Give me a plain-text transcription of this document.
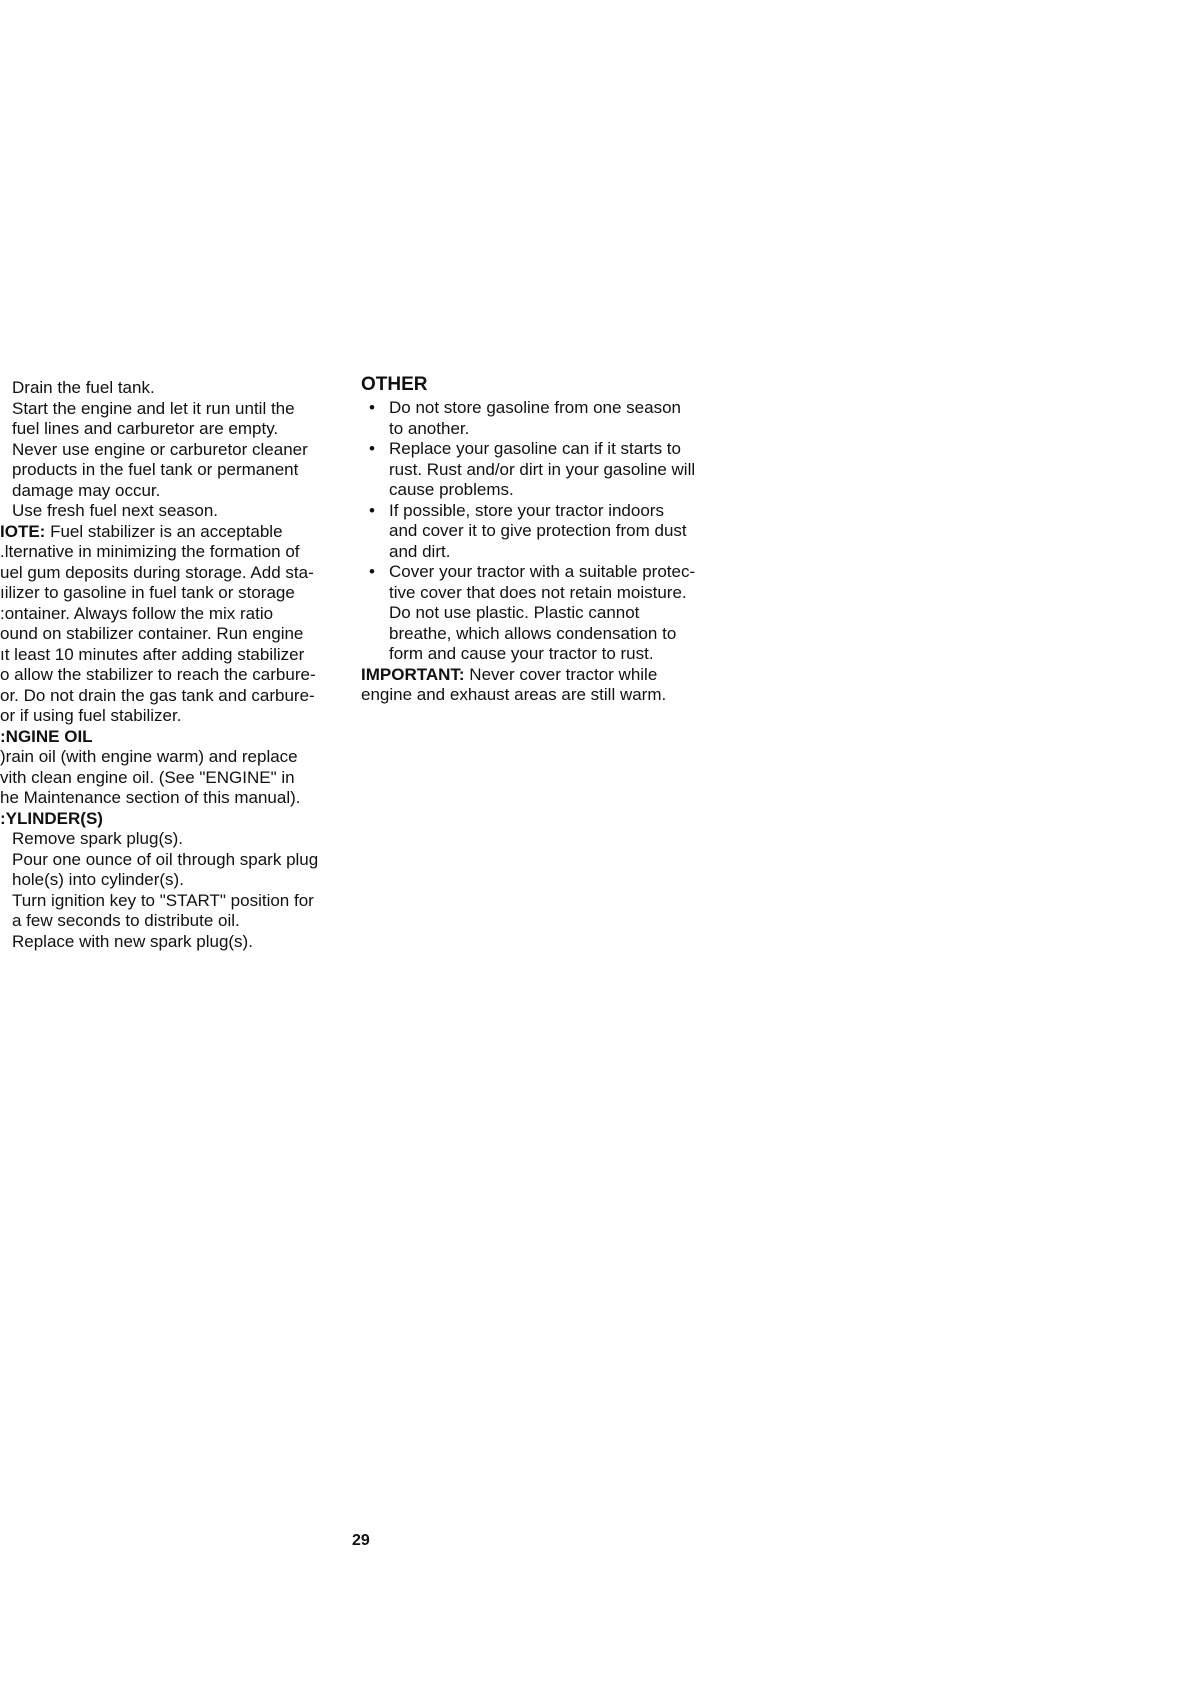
Drain the fuel tank.
Start the engine and let it run until the
fuel lines and carburetor are empty.
Never use engine or carburetor cleaner
products in the fuel tank or permanent
damage may occur.
Use fresh fuel next season.
IOTE: Fuel stabilizer is an acceptable
.lternative in minimizing the formation of
uel gum deposits during storage. Add sta-
ıilizer to gasoline in fuel tank or storage
:ontainer. Always follow the mix ratio
ound on stabilizer container. Run engine
ıt least 10 minutes after adding stabilizer
o allow the stabilizer to reach the carbure-
or. Do not drain the gas tank and carbure-
or if using fuel stabilizer.
:NGINE OIL
)rain oil (with engine warm) and replace
vith clean engine oil. (See "ENGINE" in
he Maintenance section of this manual).
:YLINDER(S)
Remove spark plug(s).
Pour one ounce of oil through spark plug
hole(s) into cylinder(s).
Turn ignition key to "START" position for
a few seconds to distribute oil.
Replace with new spark plug(s).
OTHER
• Do not store gasoline from one season
to another.
• Replace your gasoline can if it starts to
rust. Rust and/or dirt in your gasoline will
cause problems.
• If possible, store your tractor indoors
and cover it to give protection from dust
and dirt.
• Cover your tractor with a suitable protec-
tive cover that does not retain moisture.
Do not use plastic. Plastic cannot
breathe, which allows condensation to
form and cause your tractor to rust.
IMPORTANT: Never cover tractor while
engine and exhaust areas are still warm.
29
